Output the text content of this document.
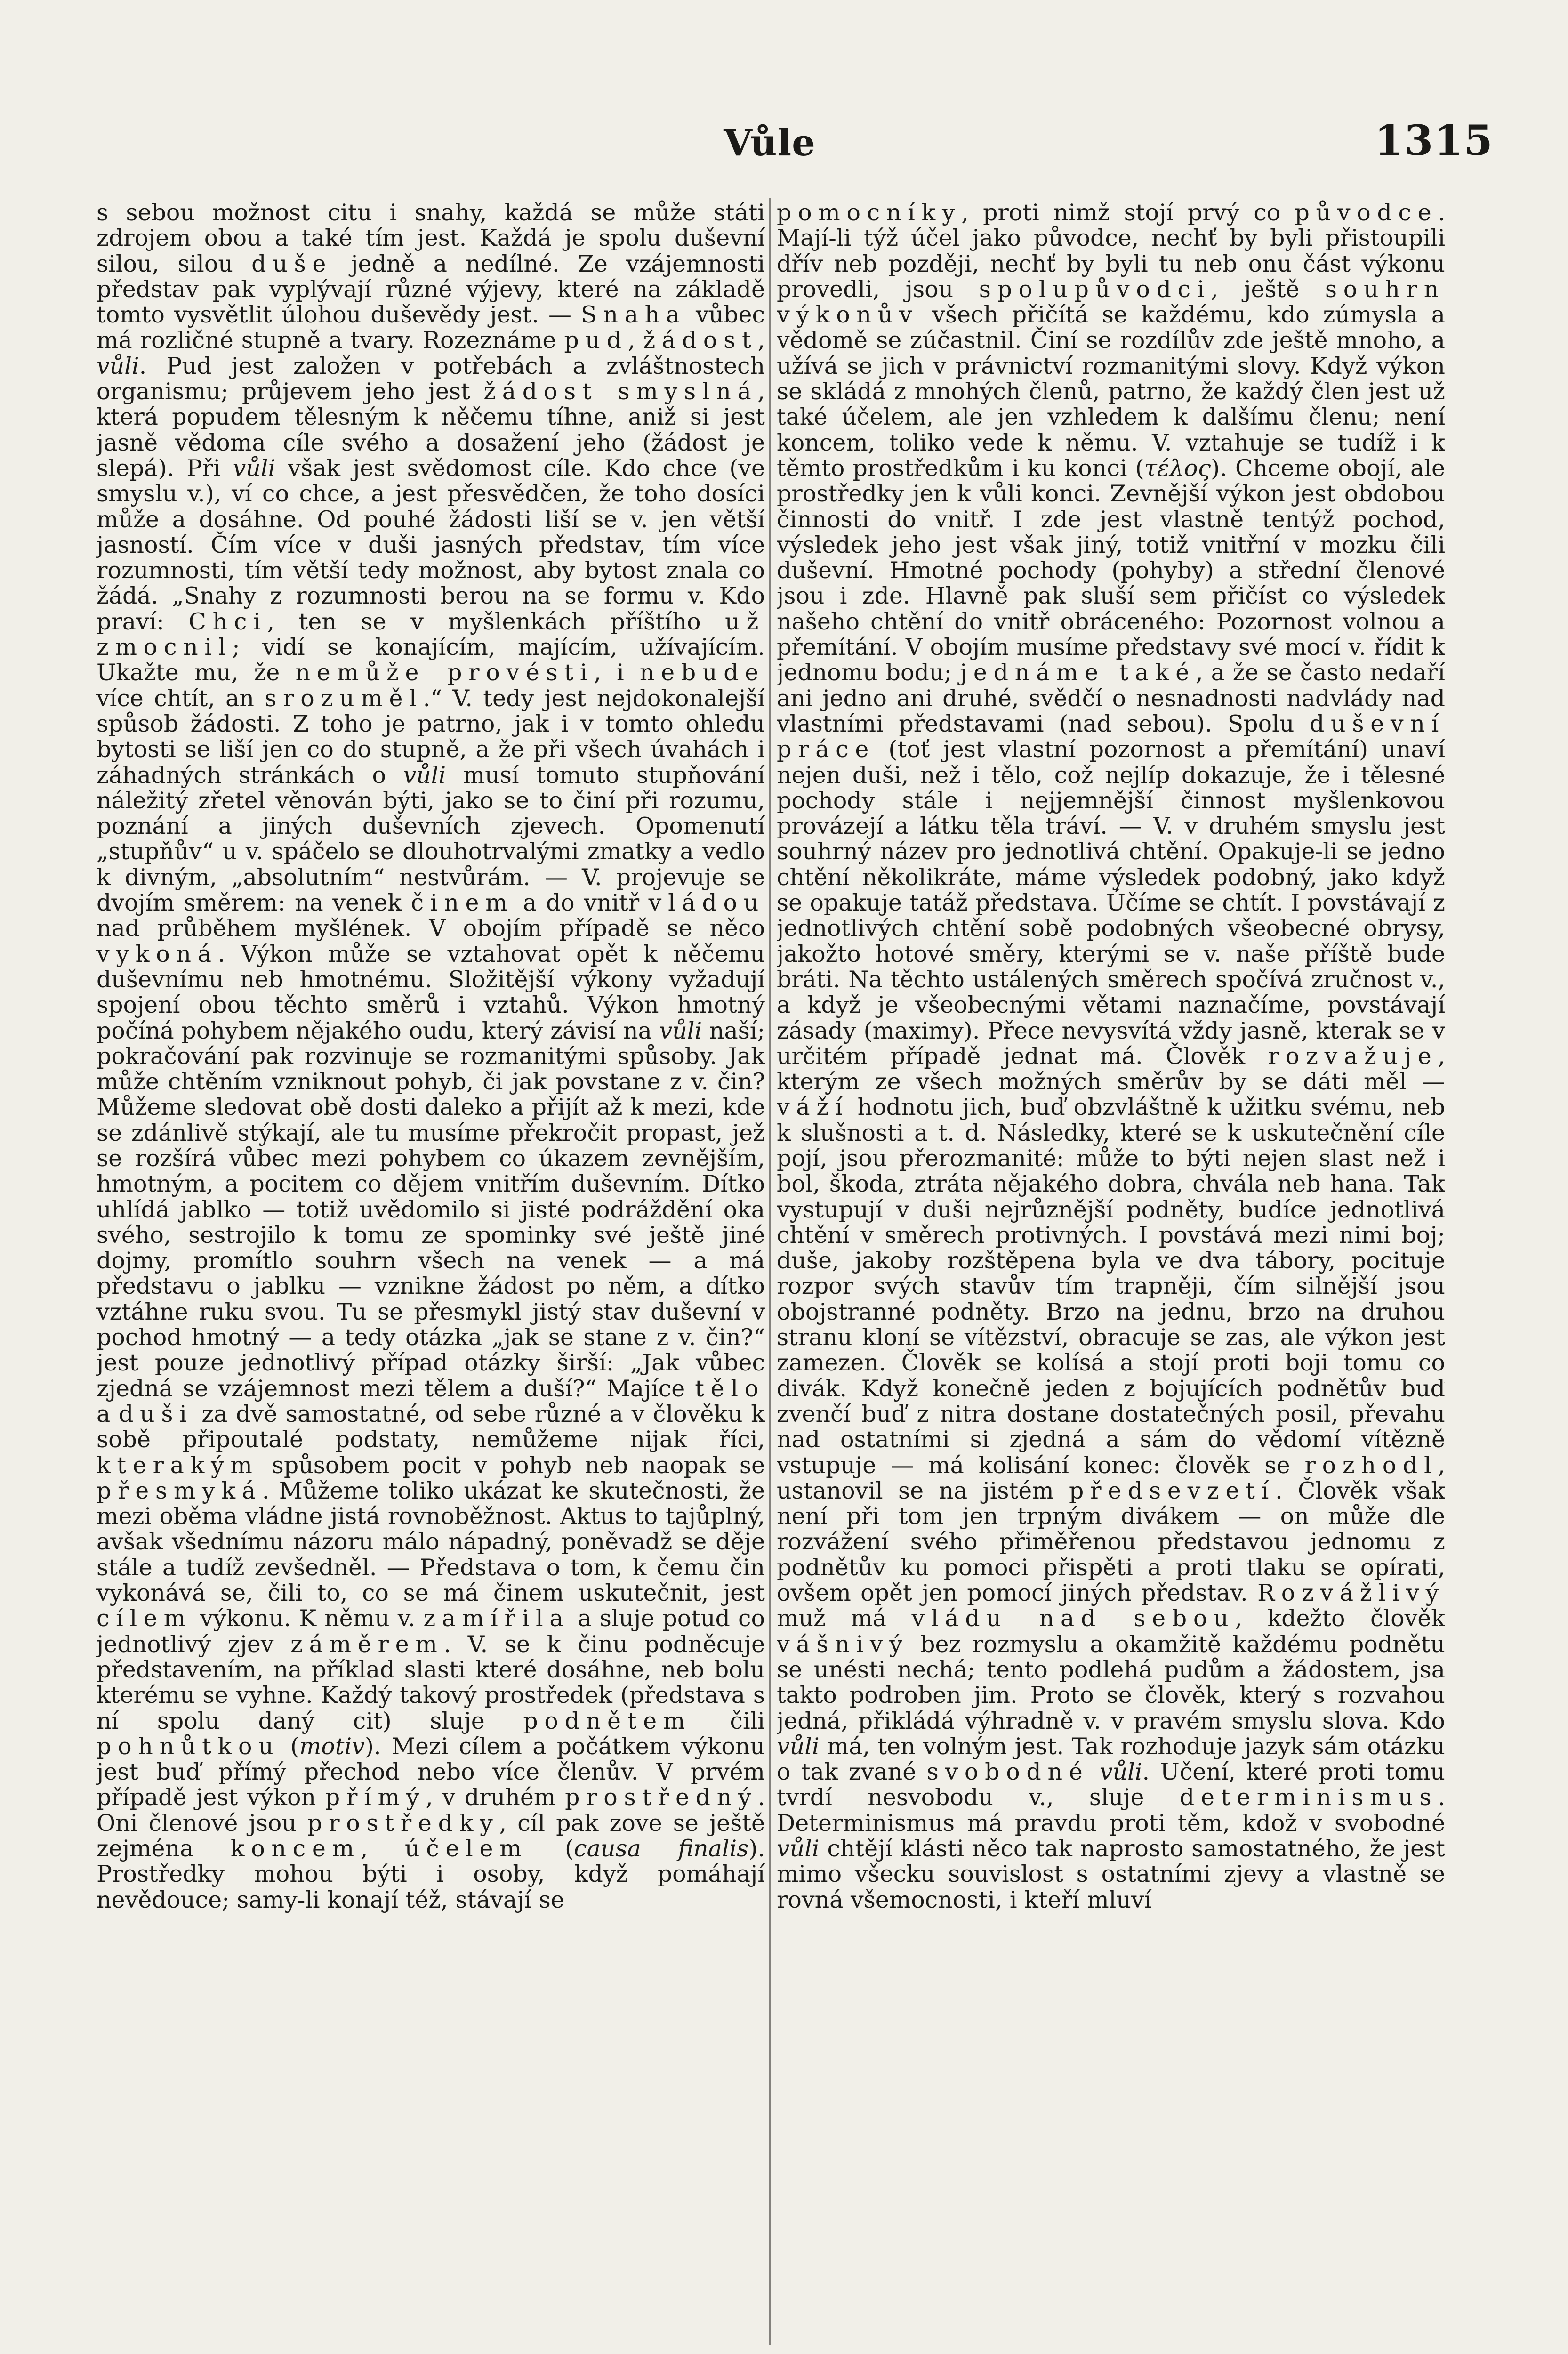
Vůle	1315

s sebou možnost citu i snahy, každá se může státi zdrojem obou a také tím jest. Každá je spolu duševní silou, silou duše jedně a nedílné. Ze vzájemnosti představ pak vyplývají různé výjevy, které na základě tomto vysvětlit úlohou duševědy jest. — Snaha vůbec má rozličné stupně a tvary. Rozeznáme pud, žádost, vůli. Pud jest založen v potřebách a zvláštnostech organismu; průjevem jeho jest žádost smyslná, která popudem tělesným k něčemu tíhne, aniž si jest jasně vědoma cíle svého a dosažení jeho (žádost je slepá). Při vůli však jest svědomost cíle. Kdo chce (ve smyslu v.), ví co chce, a jest přesvědčen, že toho dosíci může a dosáhne. Od pouhé žádosti liší se v. jen větší jasností. Čím více v duši jasných představ, tím více rozumnosti, tím větší tedy možnost, aby bytost znala co žádá. „Snahy z rozumnosti berou na se formu v. Kdo praví: Chci, ten se v myšlenkách příštího už zmocnil; vidí se konajícím, majícím, užívajícím. Ukažte mu, že nemůže provésti, i nebude více chtít, an srozuměl.“ V. tedy jest nejdokonalejší spůsob žádosti. Z toho je patrno, jak i v tomto ohledu bytosti se liší jen co do stupně, a že při všech úvahách i záhadných stránkách o vůli musí tomuto stupňování náležitý zřetel věnován býti, jako se to činí při rozumu, poznání a jiných duševních zjevech. Opomenutí „stupňův“ u v. spáčelo se dlouhotrvalými zmatky a vedlo k divným, „absolutním“ nestvůrám. — V. projevuje se dvojím směrem: na venek činem a do vnitř vládou nad průběhem myšlének. V obojím případě se něco vykoná. Výkon může se vztahovat opět k něčemu duševnímu neb hmotnému. Složitější výkony vyžadují spojení obou těchto směrů i vztahů. Výkon hmotný počíná pohybem nějakého oudu, který závisí na vůli naší; pokračování pak rozvinuje se rozmanitými spůsoby. Jak může chtěním vzniknout pohyb, či jak povstane z v. čin? Můžeme sledovat obě dosti daleko a přijít až k mezi, kde se zdánlivě stýkají, ale tu musíme překročit propast, jež se rozšírá vůbec mezi pohybem co úkazem zevnějším, hmotným, a pocitem co dějem vnitřím duševním. Dítko uhlídá jablko — totiž uvědomilo si jisté podráždění oka svého, sestrojilo k tomu ze spominky své ještě jiné dojmy, promítlo souhrn všech na venek — a má představu o jablku — vznikne žádost po něm, a dítko vztáhne ruku svou. Tu se přesmykl jistý stav duševní v pochod hmotný — a tedy otázka „jak se stane z v. čin?“ jest pouze jednotlivý případ otázky širší: „Jak vůbec zjedná se vzájemnost mezi tělem a duší?“ Majíce tělo a duši za dvě samostatné, od sebe různé a v člověku k sobě připoutalé podstaty, nemůžeme nijak říci, kterakým spůsobem pocit v pohyb neb naopak se přesmyká. Můžeme toliko ukázat ke skutečnosti, že mezi oběma vládne jistá rovnoběžnost. Aktus to tajůplný, avšak všednímu názoru málo nápadný, poněvadž se děje stále a tudíž zevšedněl. — Představa o tom, k čemu čin vykonává se, čili to, co se má činem uskutečnit, jest cílem výkonu. K němu v. zamířila a sluje potud co jednotlivý zjev záměrem. V. se k činu podněcuje představením, na příklad slasti které dosáhne, neb bolu kterému se vyhne. Každý takový prostředek (představa s ní spolu daný cit) sluje podnětem čili pohnůtkou (motiv). Mezi cílem a počátkem výkonu jest buď přímý přechod nebo více členův. V prvém případě jest výkon přímý, v druhém prostředný. Oni členové jsou prostředky, cíl pak zove se ještě zejména koncem, účelem (causa finalis). Prostředky mohou býti i osoby, když pomáhají nevědouce; samy-li konají též, stávají se

pomocníky, proti nimž stojí prvý co původce. Mají-li týž účel jako původce, nechť by byli přistoupili dřív neb později, nechť by byli tu neb onu část výkonu provedli, jsou spolupůvodci, ještě souhrn výkonův všech přičítá se každému, kdo zúmysla a vědomě se zúčastnil. Činí se rozdílův zde ještě mnoho, a užívá se jich v právnictví rozmanitými slovy. Když výkon se skládá z mnohých členů, patrno, že každý člen jest už také účelem, ale jen vzhledem k dalšímu členu; není koncem, toliko vede k němu. V. vztahuje se tudíž i k těmto prostředkům i ku konci (τέλος). Chceme obojí, ale prostředky jen k vůli konci. Zevnější výkon jest obdobou činnosti do vnitř. I zde jest vlastně tentýž pochod, výsledek jeho jest však jiný, totiž vnitřní v mozku čili duševní. Hmotné pochody (pohyby) a střední členové jsou i zde. Hlavně pak sluší sem přičíst co výsledek našeho chtění do vnitř obráceného: Pozornost volnou a přemítání. V obojím musíme představy své mocí v. řídit k jednomu bodu; jednáme také, a že se často nedaří ani jedno ani druhé, svědčí o nesnadnosti nadvlády nad vlastními představami (nad sebou). Spolu duševní práce (toť jest vlastní pozornost a přemítání) unaví nejen duši, než i tělo, což nejlíp dokazuje, že i tělesné pochody stále i nejjemnější činnost myšlenkovou provázejí a látku těla tráví. — V. v druhém smyslu jest souhrný název pro jednotlivá chtění. Opakuje-li se jedno chtění několikráte, máme výsledek podobný, jako když se opakuje tatáž představa. Účíme se chtít. I povstávají z jednotlivých chtění sobě podobných všeobecné obrysy, jakožto hotové směry, kterými se v. naše příště bude bráti. Na těchto ustálených směrech spočívá zručnost v., a když je všeobecnými větami naznačíme, povstávají zásady (maximy). Přece nevysvítá vždy jasně, kterak se v určitém případě jednat má. Člověk rozvažuje, kterým ze všech možných směrův by se dáti měl — váží hodnotu jich, buď obzvláštně k užitku svému, neb k slušnosti a t. d. Následky, které se k uskutečnění cíle pojí, jsou přerozmanité: může to býti nejen slast než i bol, škoda, ztráta nějakého dobra, chvála neb hana. Tak vystupují v duši nejrůznější podněty, budíce jednotlivá chtění v směrech protivných. I povstává mezi nimi boj; duše, jakoby rozštěpena byla ve dva tábory, pocituje rozpor svých stavův tím trapněji, čím silnější jsou obojstranné podněty. Brzo na jednu, brzo na druhou stranu kloní se vítězství, obracuje se zas, ale výkon jest zamezen. Člověk se kolísá a stojí proti boji tomu co divák. Když konečně jeden z bojujících podnětův buď zvenčí buď z nitra dostane dostatečných posil, převahu nad ostatními si zjedná a sám do vědomí vítězně vstupuje — má kolisání konec: člověk se rozhodl, ustanovil se na jistém předsevzetí. Člověk však není při tom jen trpným divákem — on může dle rozvážení svého přiměřenou představou jednomu z podnětův ku pomoci přispěti a proti tlaku se opírati, ovšem opět jen pomocí jiných představ. Rozvážlivý muž má vládu nad sebou, kdežto člověk vášnivý bez rozmyslu a okamžitě každému podnětu se unésti nechá; tento podlehá pudům a žádostem, jsa takto podroben jim. Proto se člověk, který s rozvahou jedná, přikládá výhradně v. v pravém smyslu slova. Kdo vůli má, ten volným jest. Tak rozhoduje jazyk sám otázku o tak zvané svobodné vůli. Učení, které proti tomu tvrdí nesvobodu v., sluje determinismus. Determinismus má pravdu proti těm, kdož v svobodné vůli chtějí klásti něco tak naprosto samostatného, že jest mimo všecku souvislost s ostatními zjevy a vlastně se rovná všemocnosti, i kteří mluví
